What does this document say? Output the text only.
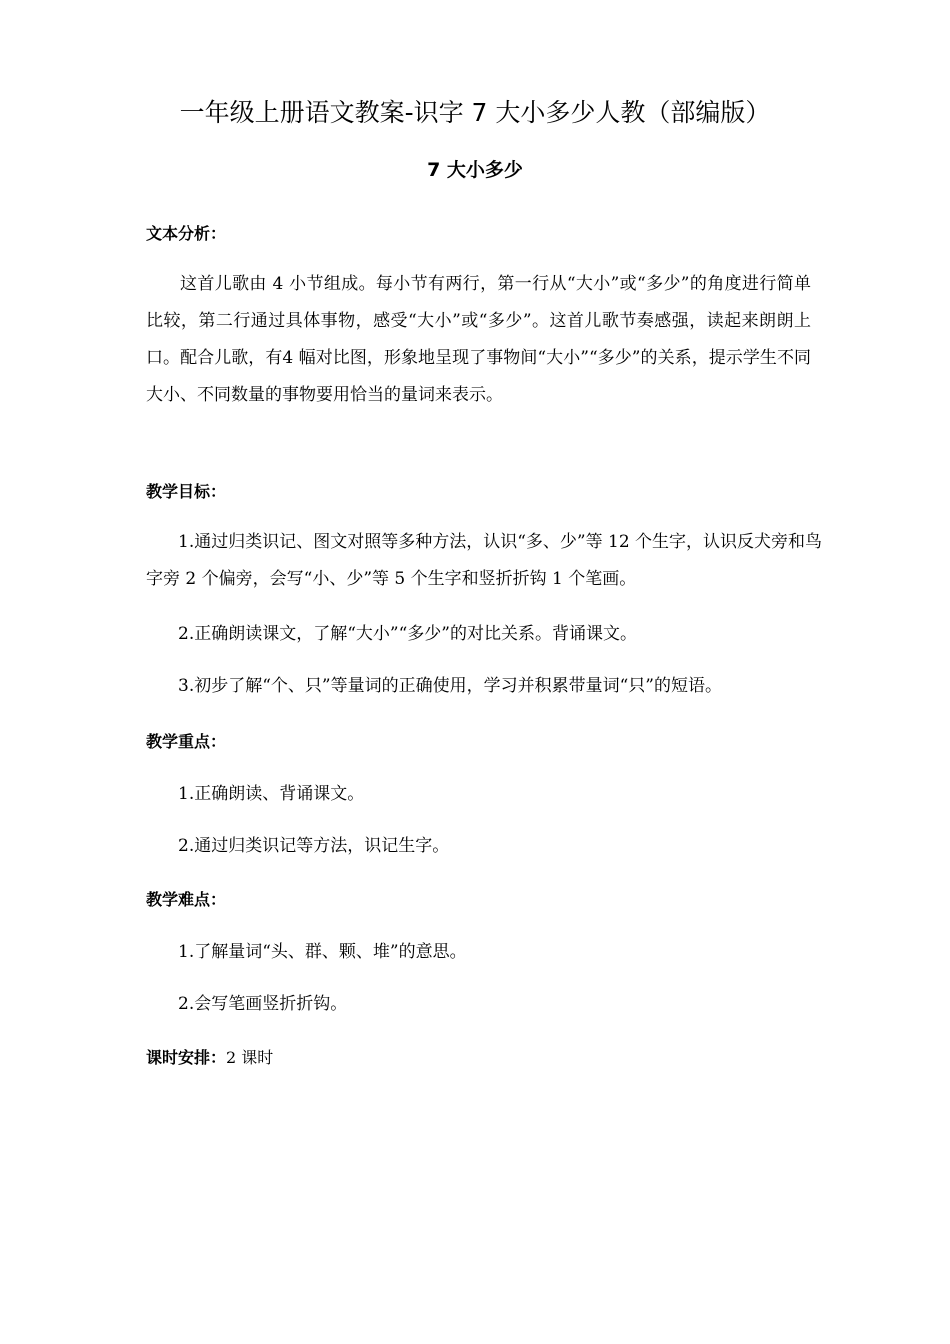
一年级上册语文教案-识字 7 大小多少人教（部编版）
7 大小多少
文本分析：

这首儿歌由 4 小节组成。每小节有两行，第一行从“大小”或“多少”的角度进行简单比较，第二行通过具体事物，感受“大小”或“多少”。这首儿歌节奏感强，读起来朗朗上口。配合儿歌，有4 幅对比图，形象地呈现了事物间“大小”“多少”的关系，提示学生不同大小、不同数量的事物要用恰当的量词来表示。

教学目标：

1.通过归类识记、图文对照等多种方法，认识“多、少”等 12 个生字，认识反犬旁和鸟字旁 2 个偏旁，会写“小、少”等 5 个生字和竖折折钩 1 个笔画。

2.正确朗读课文，了解“大小”“多少”的对比关系。背诵课文。

3.初步了解“个、只”等量词的正确使用，学习并积累带量词“只”的短语。

教学重点：

1.正确朗读、背诵课文。

2.通过归类识记等方法，识记生字。

教学难点：

1.了解量词“头、群、颗、堆”的意思。

2.会写笔画竖折折钩。

课时安排：2 课时
